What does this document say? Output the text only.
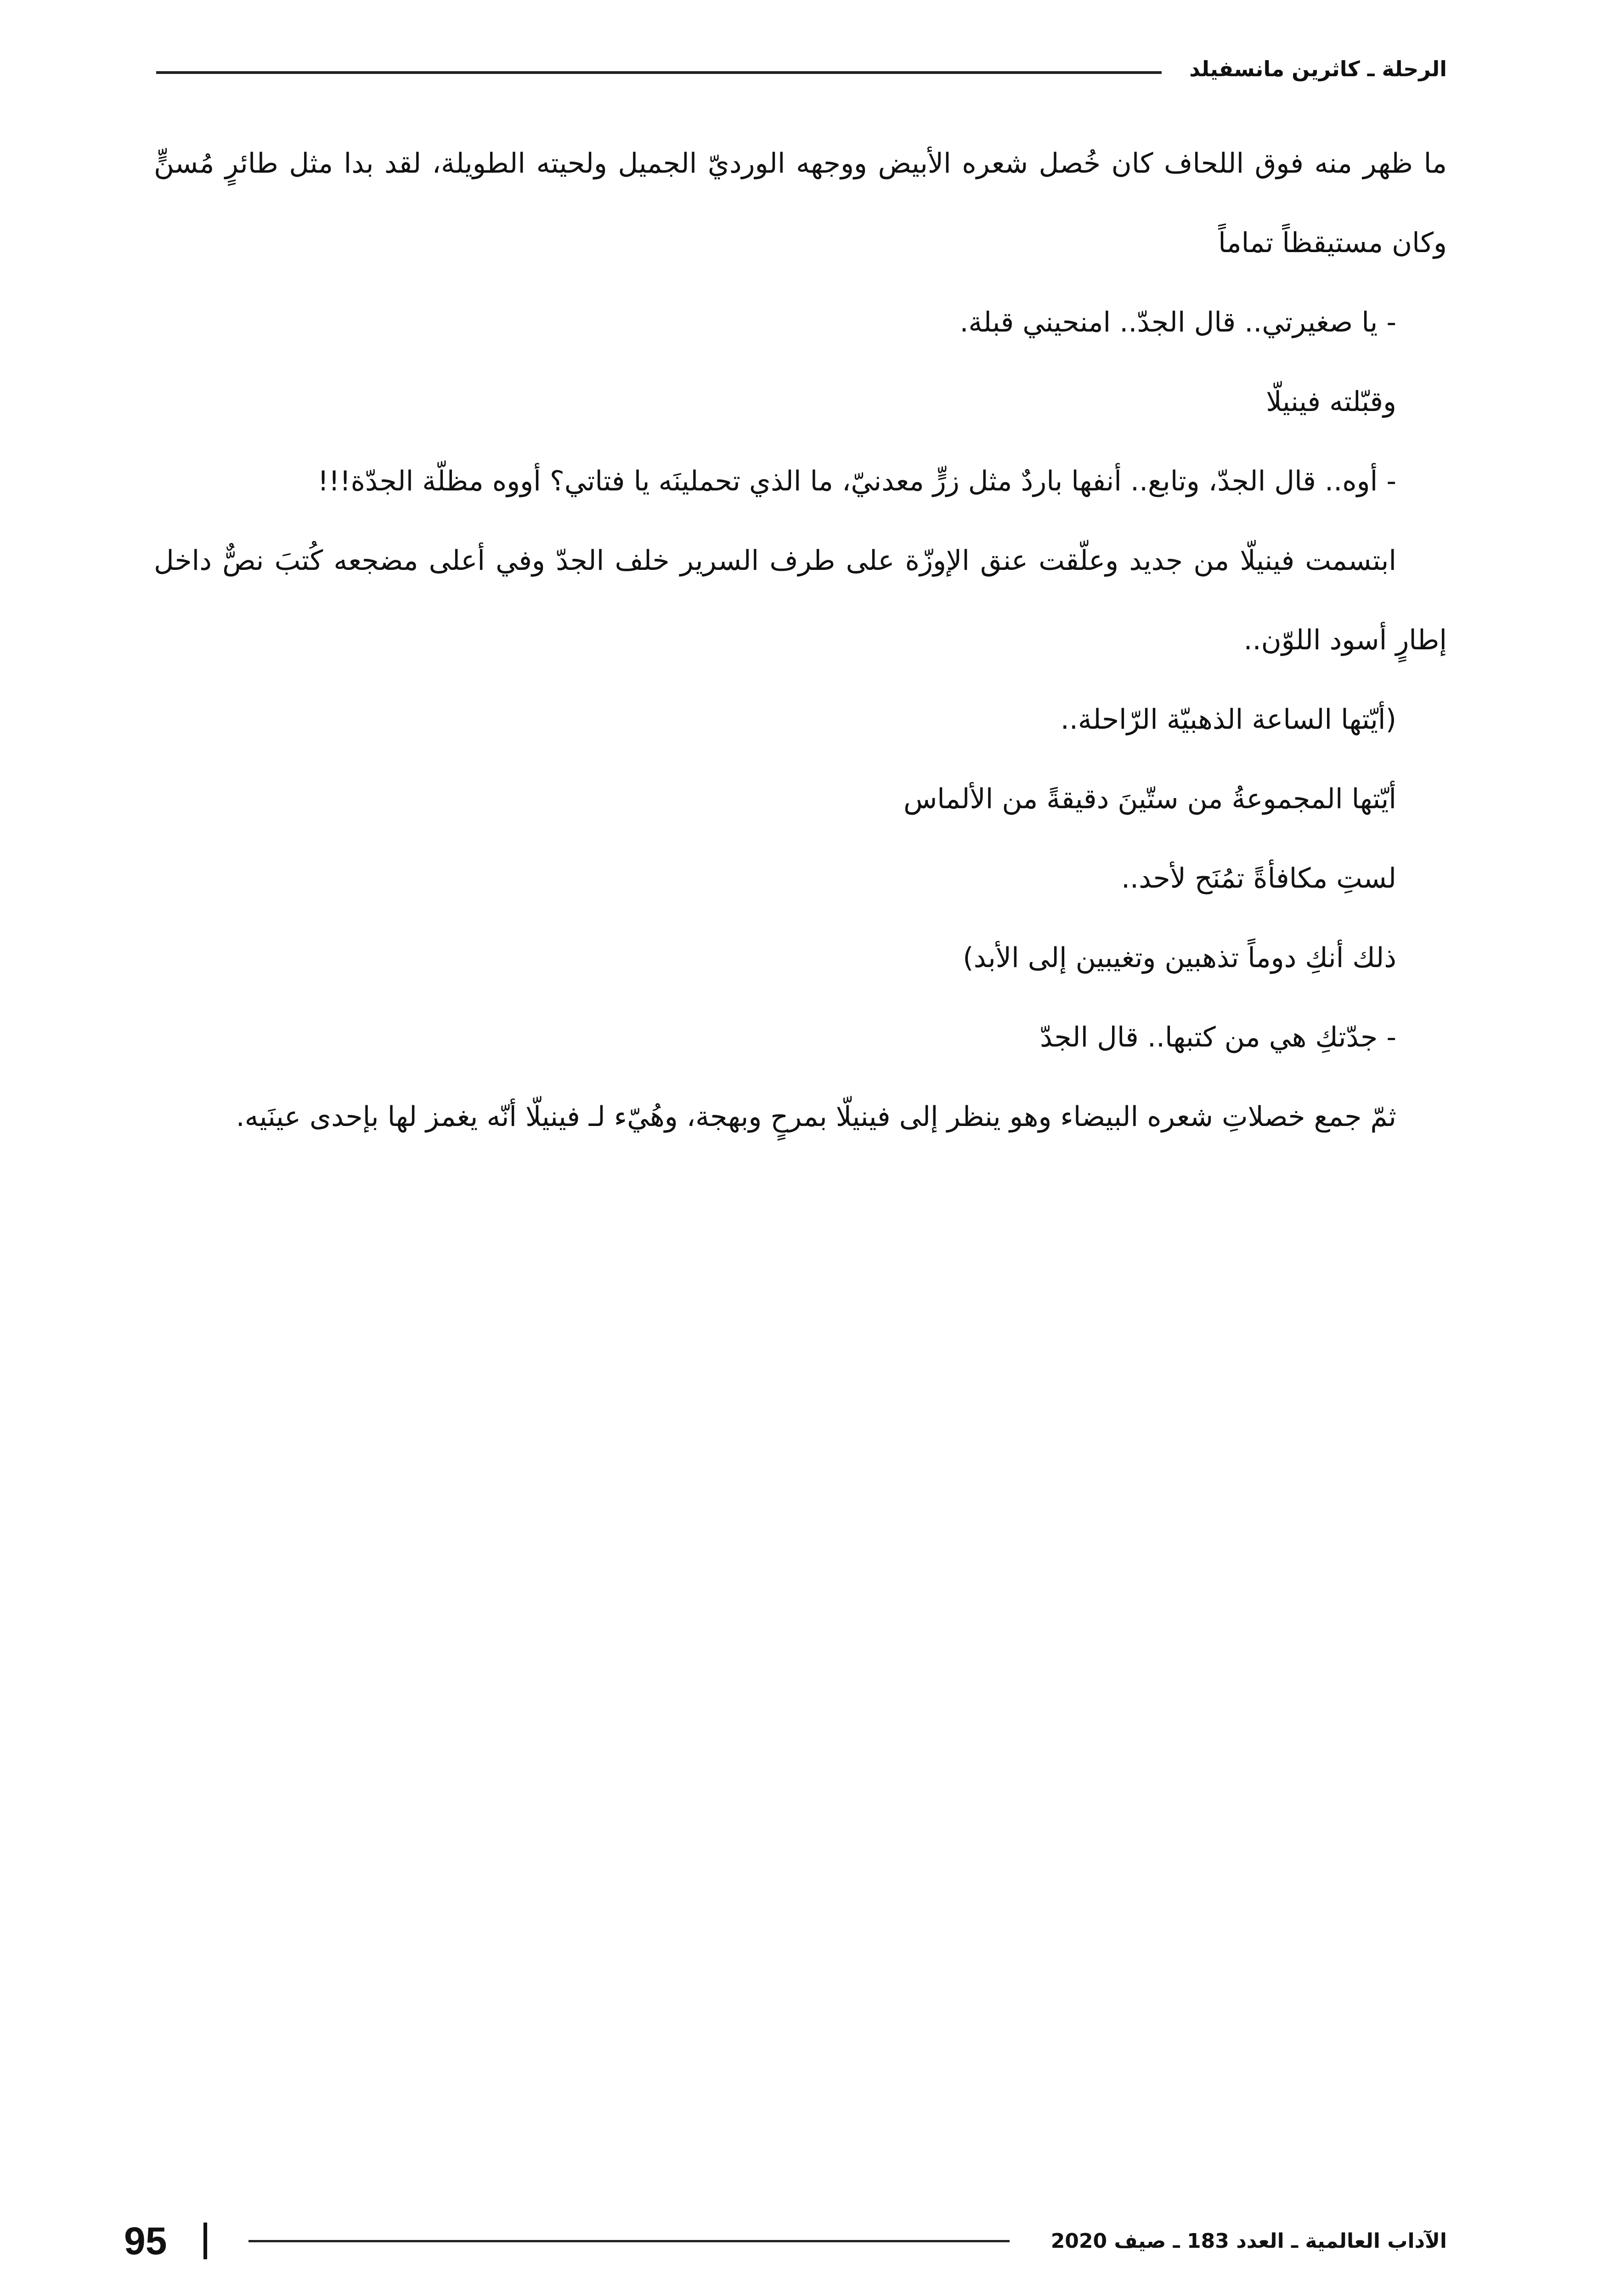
الرحلة ـ كاثرين مانسفيلد

ما ظهر منه فوق اللحاف كان خُصل شعره الأبيض ووجهه الورديّ الجميل ولحيته الطويلة، لقد بدا مثل طائرٍ مُسنٍّ وكان مستيقظاً تماماً

- يا صغيرتي.. قال الجدّ.. امنحيني قبلة.

وقبّلته فينيلّا

- أوه.. قال الجدّ، وتابع.. أنفها باردٌ مثل زرٍّ معدنيّ، ما الذي تحملينَه يا فتاتي؟ أووه مظلّة الجدّة!!!

ابتسمت فينيلّا من جديد وعلّقت عنق الإوزّة على طرف السرير خلف الجدّ وفي أعلى مضجعه كُتبَ نصٌّ داخل إطارٍ أسود اللوّن..

(أيّتها الساعة الذهبيّة الرّاحلة..

أيّتها المجموعةُ من ستّينَ دقيقةً من الألماس

لستِ مكافأةً تمُنَح لأحد..

ذلك أنكِ دوماً تذهبين وتغيبين إلى الأبد)

- جدّتكِ هي من كتبها.. قال الجدّ

ثمّ جمع خصلاتِ شعره البيضاء وهو ينظر إلى فينيلّا بمرحٍ وبهجة، وهُيّء لـ فينيلّا أنّه يغمز لها بإحدى عينَيه.

95	الآداب العالمية ـ العدد 183 ـ صيف 2020
